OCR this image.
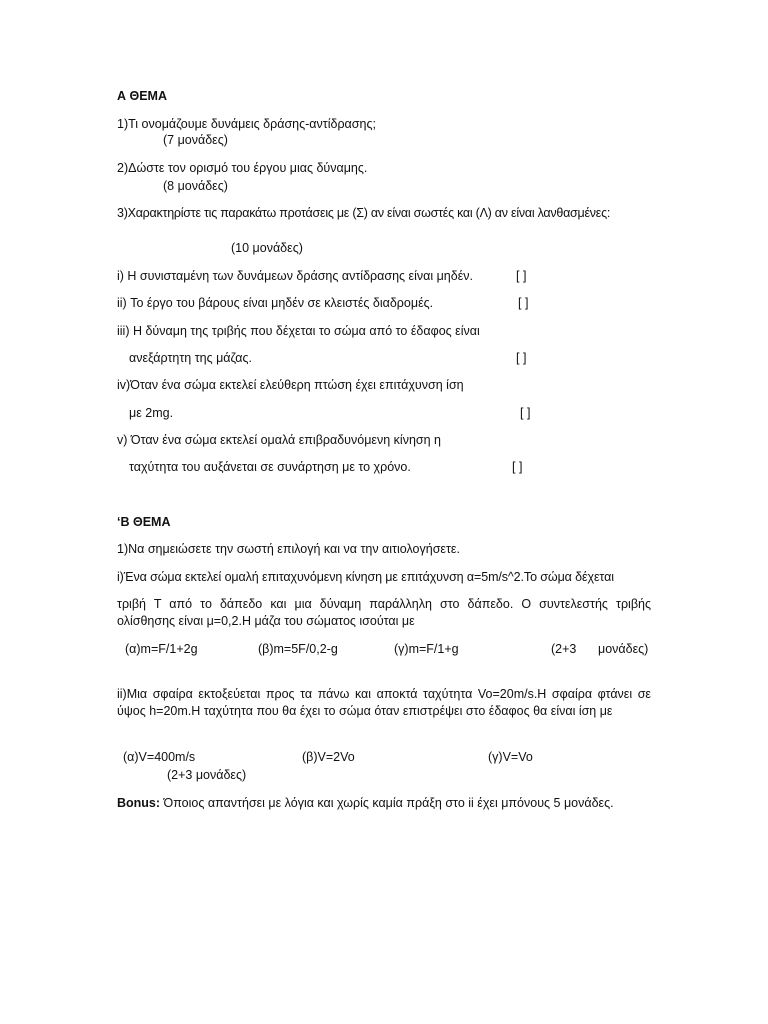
Α ΘΕΜΑ
1)Τι ονομάζουμε δυνάμεις δράσης-αντίδρασης;
(7 μονάδες)
2)Δώστε τον ορισμό του έργου μιας δύναμης.
(8 μονάδες)
3)Χαρακτηρίστε τις παρακάτω προτάσεις με (Σ) αν είναι σωστές και (Λ) αν είναι λανθασμένες:
(10 μονάδες)
i) Η συνισταμένη των δυνάμεων δράσης αντίδρασης είναι μηδέν.	[ ]
ii) Το έργο του βάρους είναι μηδέν σε κλειστές διαδρομές.	[ ]
iii) Η δύναμη της τριβής που δέχεται το σώμα από το έδαφος είναι
ανεξάρτητη της μάζας.	[ ]
iv)Όταν ένα σώμα εκτελεί ελεύθερη πτώση έχει επιτάχυνση ίση
με 2mg.	[ ]
v) Όταν ένα σώμα εκτελεί ομαλά επιβραδυνόμενη κίνηση η
ταχύτητα του αυξάνεται σε συνάρτηση με το χρόνο.	[ ]
‘Β ΘΕΜΑ
1)Να σημειώσετε την σωστή επιλογή και να την αιτιολογήσετε.
i)Ένα σώμα εκτελεί ομαλή επιταχυνόμενη κίνηση με επιτάχυνση α=5m/s^2.Το σώμα δέχεται
τριβή Τ από το δάπεδο και μια δύναμη παράλληλη στο δάπεδο. Ο συντελεστής τριβής ολίσθησης είναι μ=0,2.Η μάζα του σώματος ισούται με
(α)m=F/1+2g	(β)m=5F/0,2-g	(γ)m=F/1+g	(2+3 μονάδες)
ii)Μια σφαίρα εκτοξεύεται προς τα πάνω και αποκτά ταχύτητα Vo=20m/s.Η σφαίρα φτάνει σε ύψος h=20m.Η ταχύτητα που θα έχει το σώμα όταν επιστρέψει στο έδαφος θα είναι ίση με
(α)V=400m/s	(β)V=2Vo	(γ)V=Vo
(2+3 μονάδες)
Bonus: Όποιος απαντήσει με λόγια και χωρίς καμία πράξη στο ii έχει μπόνους 5 μονάδες.
